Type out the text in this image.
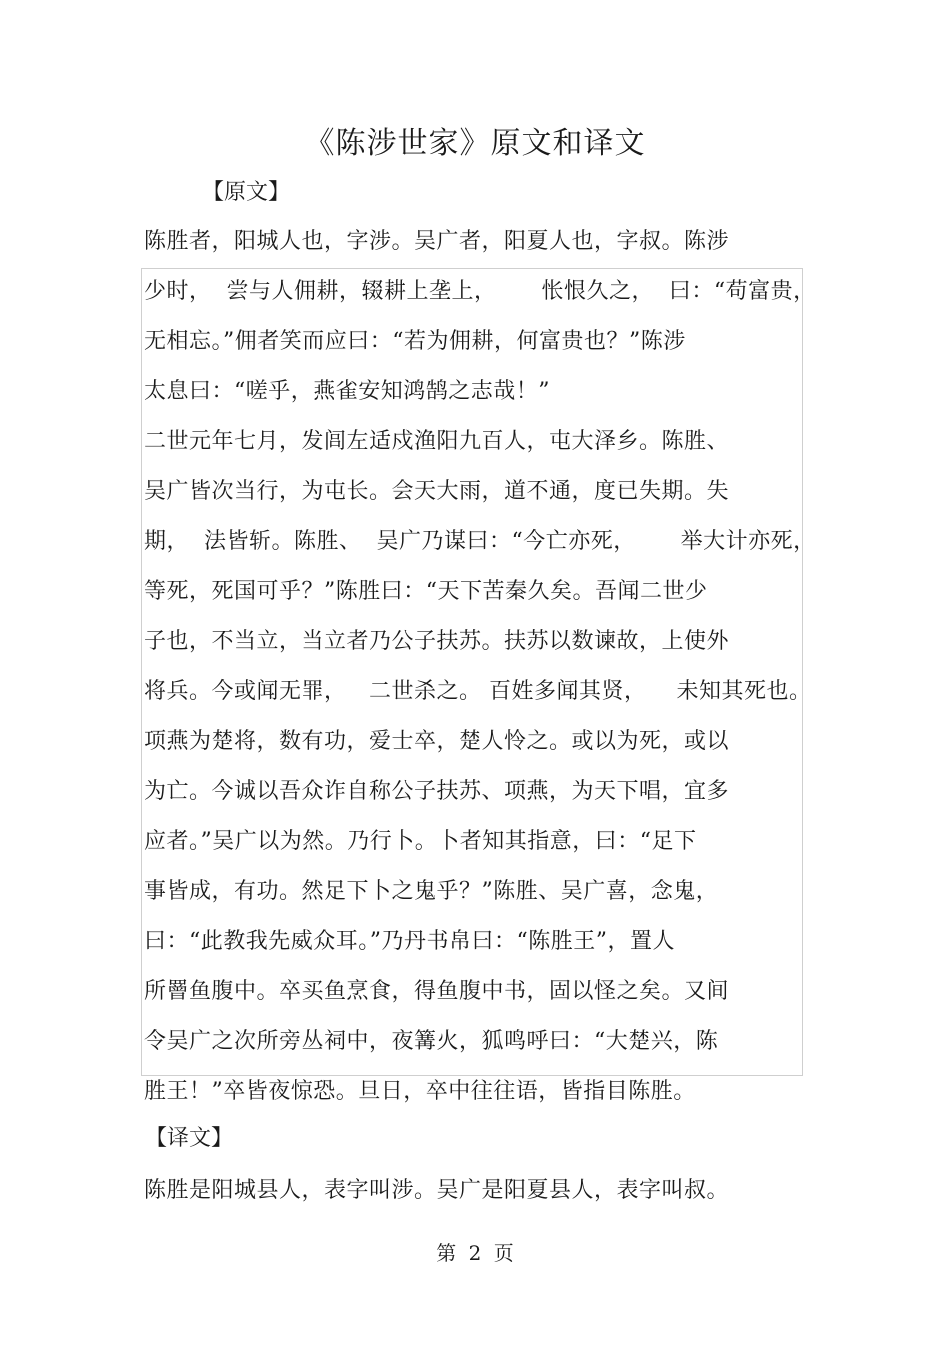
《陈涉世家》原文和译文
【原文】
陈胜者，阳城人也，字涉。吴广者，阳夏人也，字叔。陈涉
少时，  尝与人佣耕，辍耕上垄上，      怅恨久之，  曰：“苟富贵，
无相忘。”佣者笑而应曰：“若为佣耕，何富贵也？”陈涉
太息曰：“嗟乎，燕雀安知鸿鹄之志哉！”
二世元年七月，发闾左适戍渔阳九百人，屯大泽乡。陈胜、
吴广皆次当行，为屯长。会天大雨，道不通，度已失期。失
期，  法皆斩。陈胜、  吴广乃谋曰：“今亡亦死，      举大计亦死，
等死，死国可乎？”陈胜曰：“天下苦秦久矣。吾闻二世少
子也，不当立，当立者乃公子扶苏。扶苏以数谏故，上使外
将兵。今或闻无罪，   二世杀之。 百姓多闻其贤，    未知其死也。
项燕为楚将，数有功，爱士卒，楚人怜之。或以为死，或以
为亡。今诚以吾众诈自称公子扶苏、项燕，为天下唱，宜多
应者。”吴广以为然。乃行卜。卜者知其指意，曰：“足下
事皆成，有功。然足下卜之鬼乎？”陈胜、吴广喜，念鬼，
曰：“此教我先威众耳。”乃丹书帛曰：“陈胜王”，置人
所罾鱼腹中。卒买鱼烹食，得鱼腹中书，固以怪之矣。又间
令吴广之次所旁丛祠中，夜篝火，狐鸣呼曰：“大楚兴，陈
胜王！”卒皆夜惊恐。旦日，卒中往往语，皆指目陈胜。
【译文】
陈胜是阳城县人，表字叫涉。吴广是阳夏县人，表字叫叔。
第 2 页
